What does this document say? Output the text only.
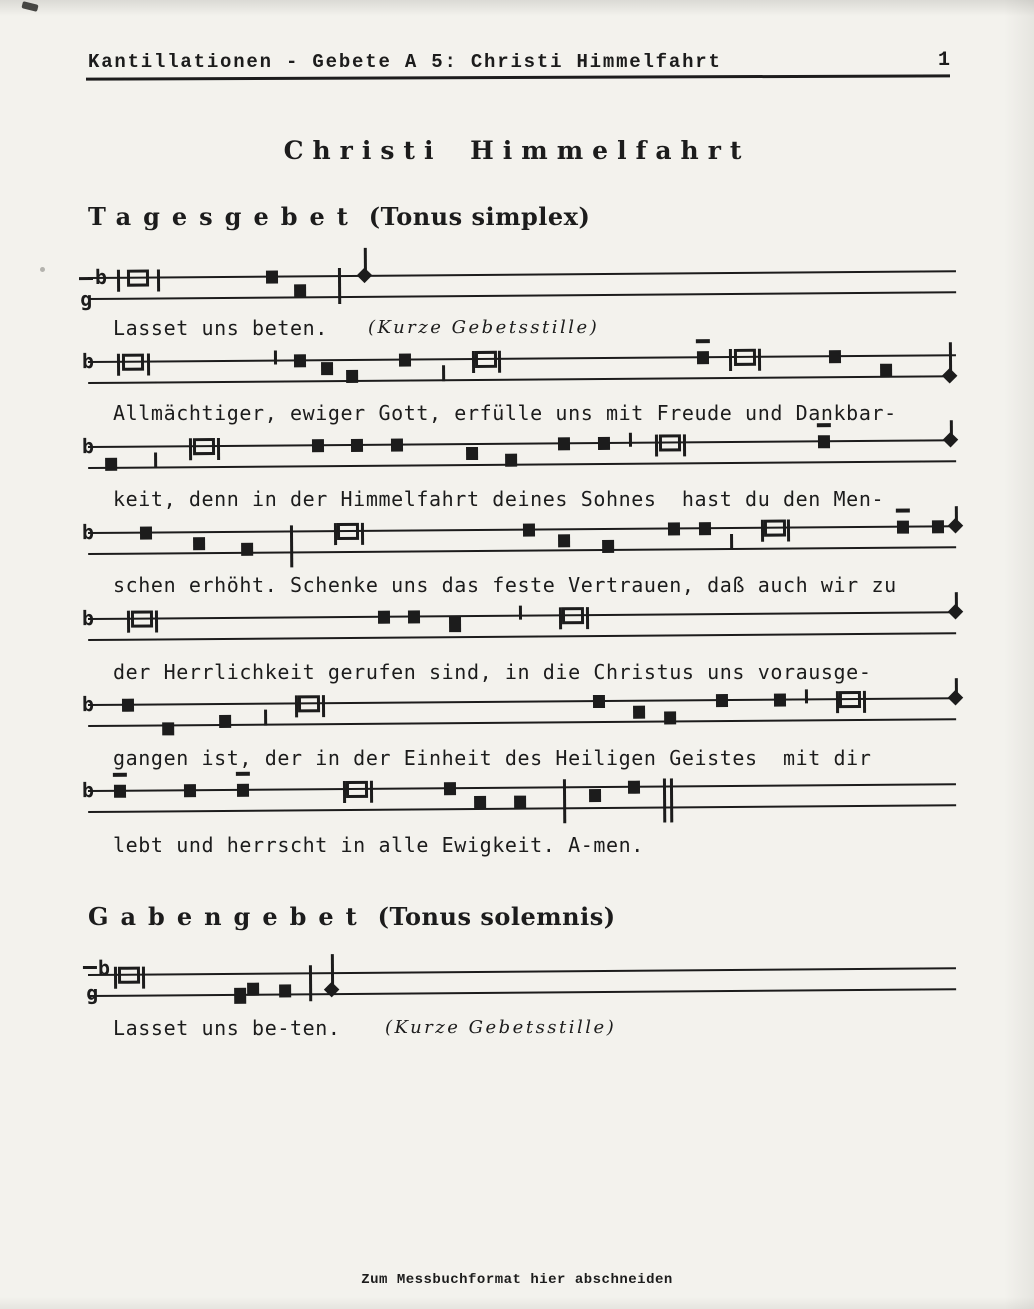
Kantillationen - Gebete A 5: Christi Himmelfahrt	1
Christi Himmelfahrt
Tagesgebet (Tonus simplex)
Gabengebet (Tonus solemnis)
b
g
b
b
b
b
b
b
b
g
Zum Messbuchformat hier abschneiden
Lasset uns beten. (Kurze Gebetsstille)
Allmächtiger, ewiger Gott, erfülle uns mit Freude und Dankbar-
keit, denn in der Himmelfahrt deines Sohnes  hast du den Men-
schen erhöht. Schenke uns das feste Vertrauen, daß auch wir zu
der Herrlichkeit gerufen sind, in die Christus uns vorausge-
gangen ist, der in der Einheit des Heiligen Geistes  mit dir
lebt und herrscht in alle Ewigkeit. A-men.
Lasset uns be-ten. (Kurze Gebetsstille)
